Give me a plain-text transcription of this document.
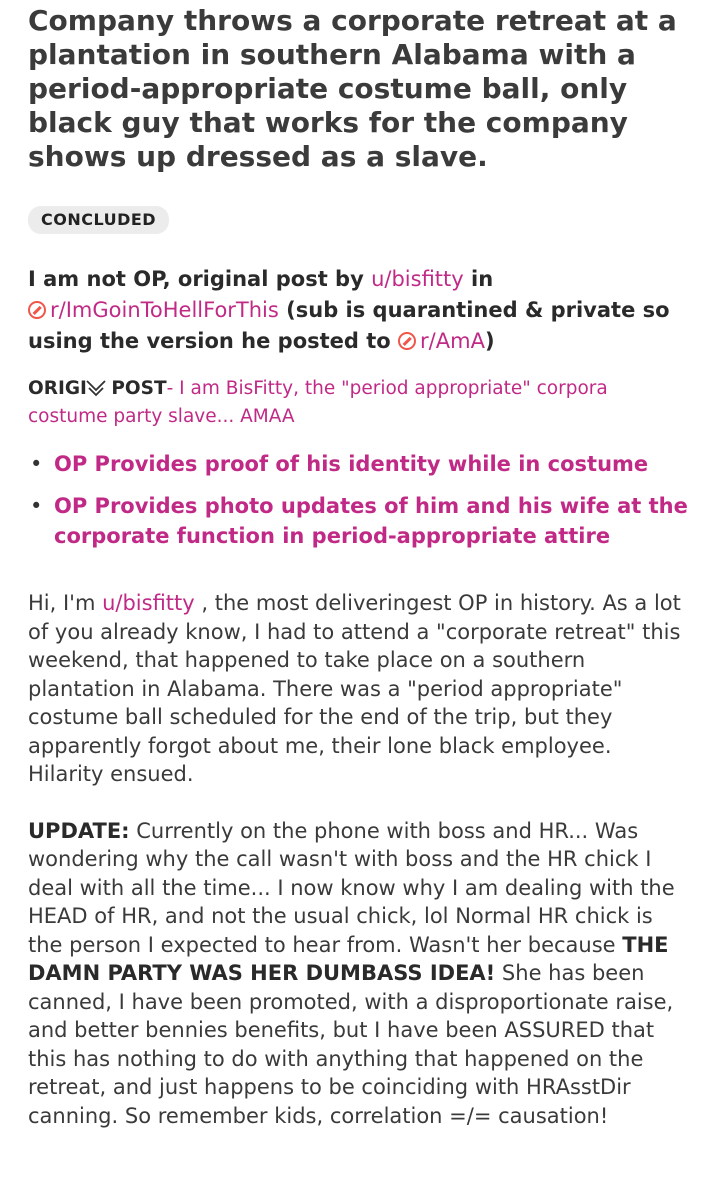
Company throws a corporate retreat at a plantation in southern Alabama with a period-appropriate costume ball, only black guy that works for the company shows up dressed as a slave.
CONCLUDED
I am not OP, original post by u/bisfitty in
r/ImGoinToHellForThis (sub is quarantined & private so using the version he posted to r/AmA)
ORIGI
POST- I am BisFitty, the "period appropriate" corpora costume party slave... AMAA
• OP Provides proof of his identity while in costume
• OP Provides photo updates of him and his wife at the corporate function in period-appropriate attire
Hi, I'm u/bisfitty , the most deliveringest OP in history. As a lot of you already know, I had to attend a "corporate retreat" this weekend, that happened to take place on a southern plantation in Alabama. There was a "period appropriate" costume ball scheduled for the end of the trip, but they apparently forgot about me, their lone black employee. Hilarity ensued.
UPDATE: Currently on the phone with boss and HR... Was wondering why the call wasn't with boss and the HR chick I deal with all the time... I now know why I am dealing with the HEAD of HR, and not the usual chick, lol Normal HR chick is the person I expected to hear from. Wasn't her because THE DAMN PARTY WAS HER DUMBASS IDEA! She has been canned, I have been promoted, with a disproportionate raise, and better bennies benefits, but I have been ASSURED that this has nothing to do with anything that happened on the retreat, and just happens to be coinciding with HRAsstDir canning. So remember kids, correlation =/= causation!
